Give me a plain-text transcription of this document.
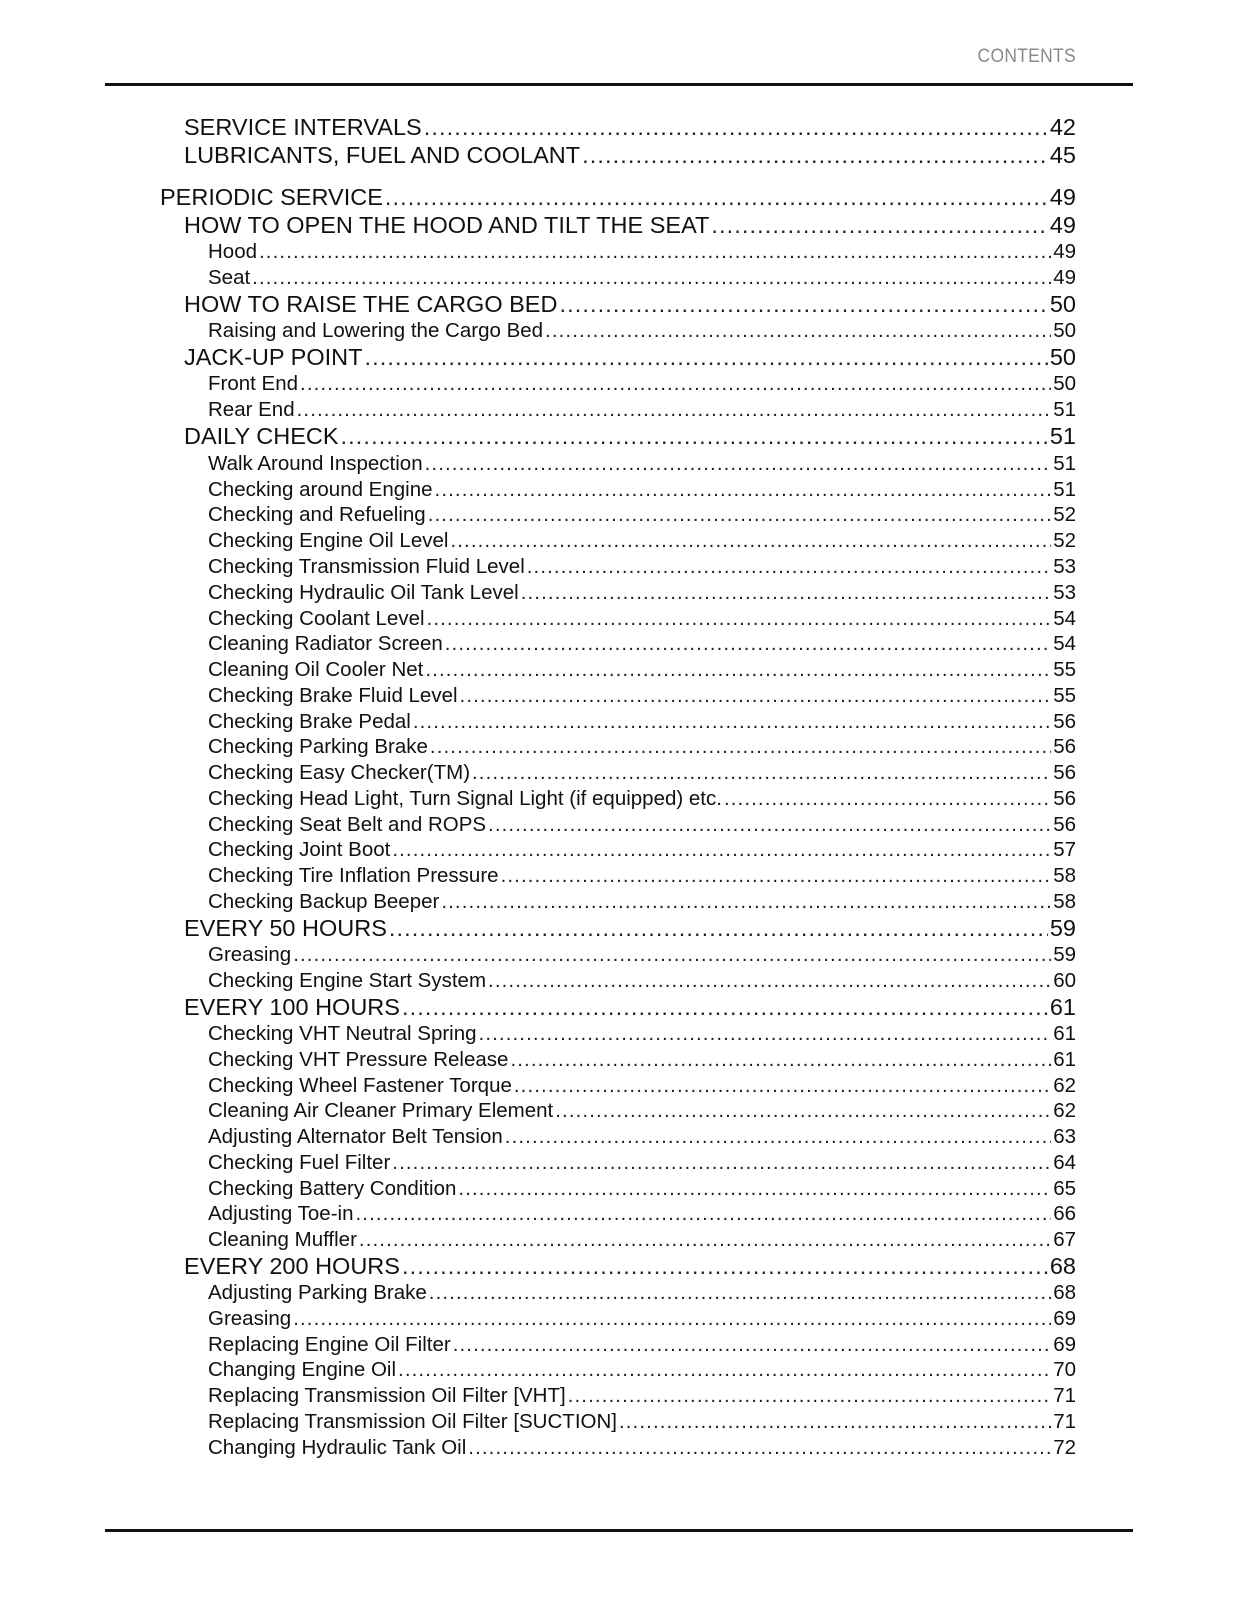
CONTENTS
SERVICE INTERVALS .....	42
LUBRICANTS, FUEL AND COOLANT .....	45
PERIODIC SERVICE .....	49
HOW TO OPEN THE HOOD AND TILT THE SEAT .....	49
Hood .....	49
Seat .....	49
HOW TO RAISE THE CARGO BED .....	50
Raising and Lowering the Cargo Bed .....	50
JACK-UP POINT .....	50
Front End .....	50
Rear End .....	51
DAILY CHECK .....	51
Walk Around Inspection .....	51
Checking around Engine .....	51
Checking and Refueling .....	52
Checking Engine Oil Level .....	52
Checking Transmission Fluid Level .....	53
Checking Hydraulic Oil Tank Level .....	53
Checking Coolant Level .....	54
Cleaning Radiator Screen .....	54
Cleaning Oil Cooler Net .....	55
Checking Brake Fluid Level .....	55
Checking Brake Pedal .....	56
Checking Parking Brake .....	56
Checking Easy Checker(TM) .....	56
Checking Head Light, Turn Signal Light (if equipped) etc. .....	56
Checking Seat Belt and ROPS .....	56
Checking Joint Boot .....	57
Checking Tire Inflation Pressure .....	58
Checking Backup Beeper .....	58
EVERY 50 HOURS .....	59
Greasing .....	59
Checking Engine Start System .....	60
EVERY 100 HOURS .....	61
Checking VHT Neutral Spring .....	61
Checking VHT Pressure Release .....	61
Checking Wheel Fastener Torque .....	62
Cleaning Air Cleaner Primary Element .....	62
Adjusting Alternator Belt Tension .....	63
Checking Fuel Filter .....	64
Checking Battery Condition .....	65
Adjusting Toe-in .....	66
Cleaning Muffler .....	67
EVERY 200 HOURS .....	68
Adjusting Parking Brake .....	68
Greasing .....	69
Replacing Engine Oil Filter .....	69
Changing Engine Oil .....	70
Replacing Transmission Oil Filter [VHT] .....	71
Replacing Transmission Oil Filter [SUCTION] .....	71
Changing Hydraulic Tank Oil .....	72
